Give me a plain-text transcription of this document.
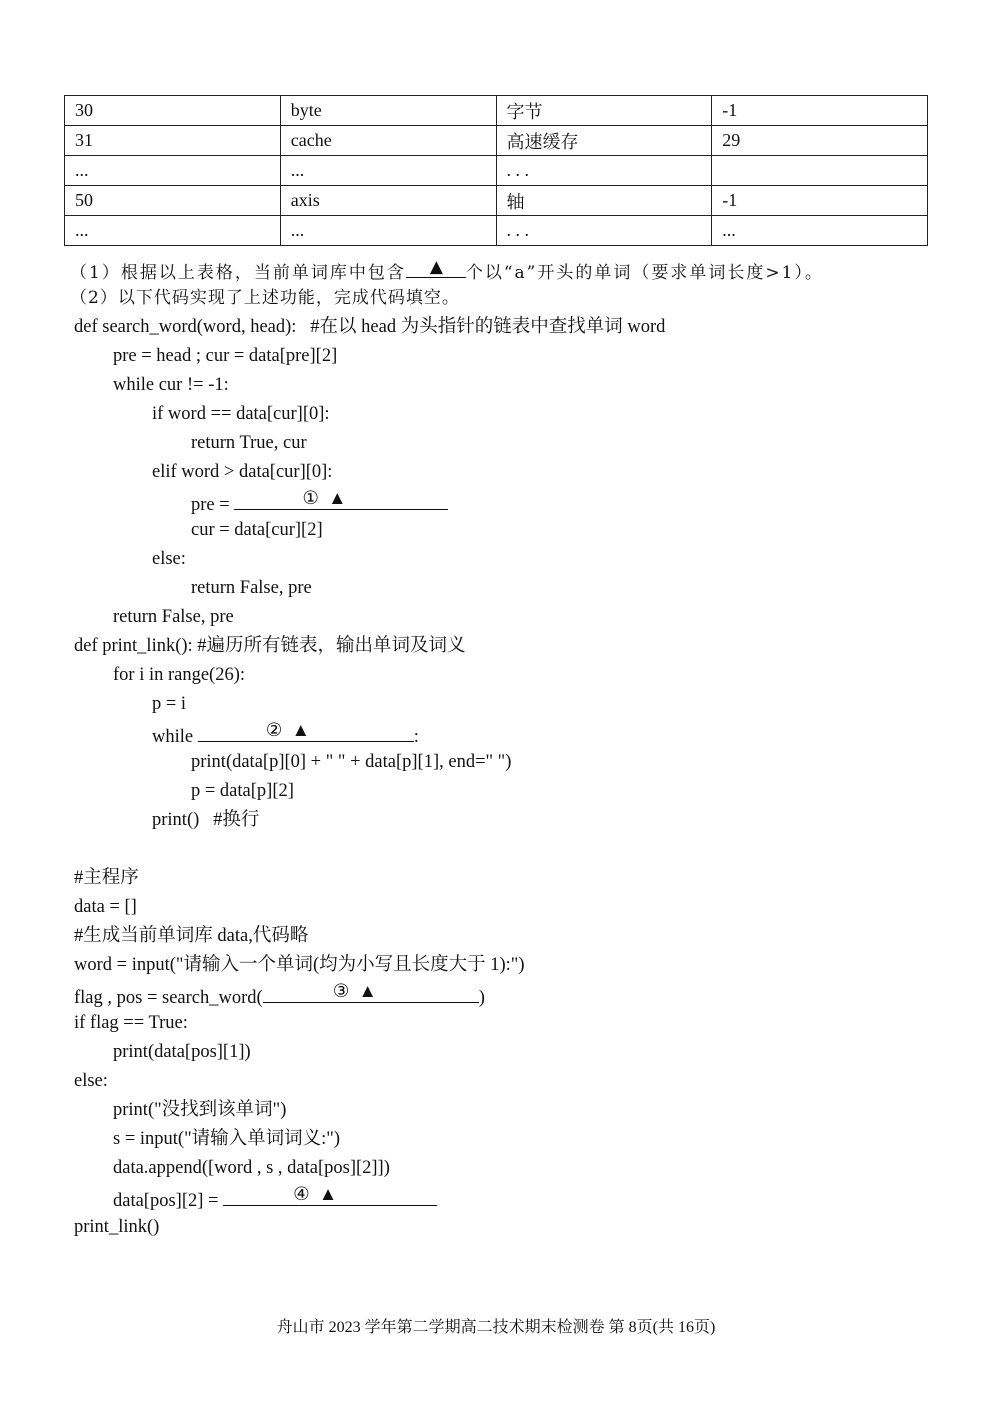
30	byte	字节	-1
31	cache	高速缓存	29
...	...	. . .	
50	axis	轴	-1
...	...	. . .	...
（1）根据以上表格，当前单词库中包含 ▲ 个以“a”开头的单词（要求单词长度>1）。
（2）以下代码实现了上述功能，完成代码填空。
def search_word(word, head):   #在以 head 为头指针的链表中查找单词 word
pre = head ; cur = data[pre][2]
while cur != -1:
if word == data[cur][0]:
return True, cur
elif word > data[cur][0]:
pre =	①  ▲
cur = data[cur][2]
else:
return False, pre
return False, pre
def print_link(): #遍历所有链表，输出单词及词义
for i in range(26):
p = i
while	②  ▲	:
print(data[p][0] + " " + data[p][1], end=" ")
p = data[p][2]
print()   #换行
#主程序
data = []
#生成当前单词库 data,代码略
word = input("请输入一个单词(均为小写且长度大于 1):")
flag , pos = search_word(	③  ▲	)
if flag == True:
print(data[pos][1])
else:
print("没找到该单词")
s = input("请输入单词词义:")
data.append([word , s , data[pos][2]])
data[pos][2] =	④  ▲
print_link()
舟山市 2023 学年第二学期高二技术期末检测卷 第 8页(共 16页)
